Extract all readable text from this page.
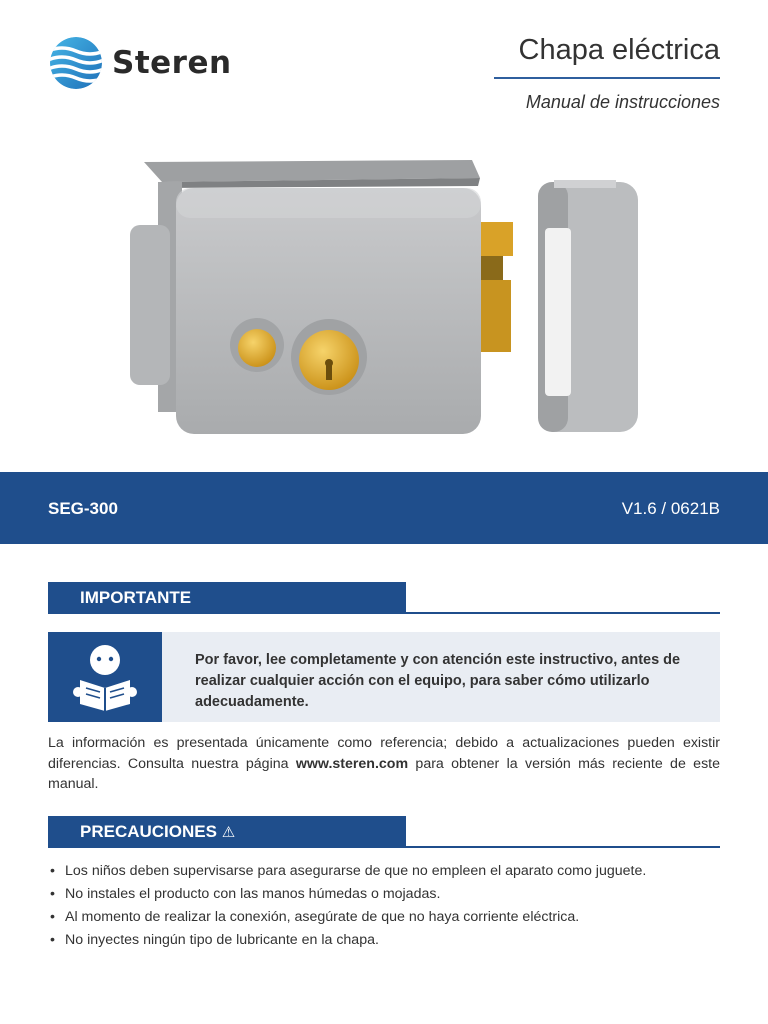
Steren	Chapa eléctrica
Manual de instrucciones
SEG-300	V1.6 / 0621B
IMPORTANTE
Por favor, lee completamente y con atención este instructivo, antes de realizar cualquier acción con el equipo, para saber cómo utilizarlo adecuadamente.
La información es presentada únicamente como referencia; debido a actualizaciones pueden existir diferencias. Consulta nuestra página www.steren.com para obtener la versión más reciente de este manual.
PRECAUCIONES ⚠
• Los niños deben supervisarse para asegurarse de que no empleen el aparato como juguete.
• No instales el producto con las manos húmedas o mojadas.
• Al momento de realizar la conexión, asegúrate de que no haya corriente eléctrica.
• No inyectes ningún tipo de lubricante en la chapa.
